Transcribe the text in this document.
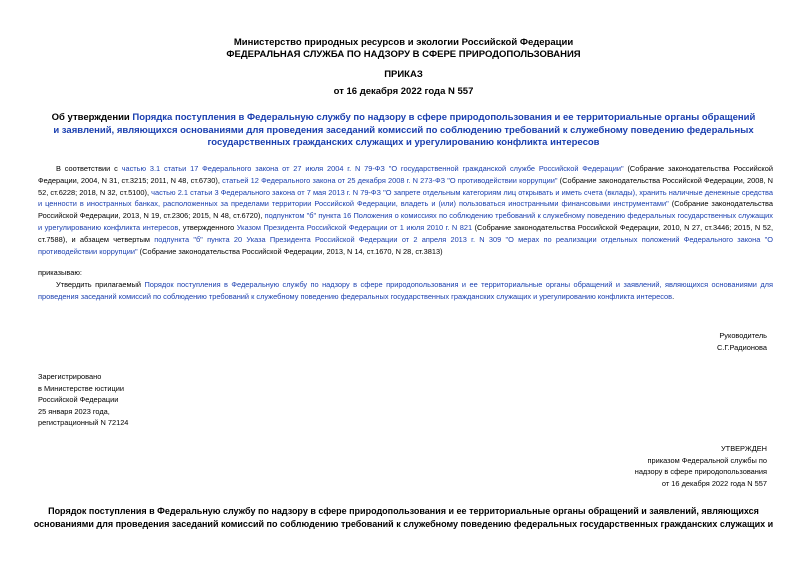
Министерство природных ресурсов и экологии Российской Федерации
ФЕДЕРАЛЬНАЯ СЛУЖБА ПО НАДЗОРУ В СФЕРЕ ПРИРОДОПОЛЬЗОВАНИЯ
ПРИКАЗ
от 16 декабря 2022 года N 557
Об утверждении Порядка поступления в Федеральную службу по надзору в сфере природопользования и ее территориальные органы обращений и заявлений, являющихся основаниями для проведения заседаний комиссий по соблюдению требований к служебному поведению федеральных государственных гражданских служащих и урегулированию конфликта интересов
В соответствии с частью 3.1 статьи 17 Федерального закона от 27 июля 2004 г. N 79-ФЗ "О государственной гражданской службе Российской Федерации" (Собрание законодательства Российской Федерации, 2004, N 31, ст.3215; 2011, N 48, ст.6730), статьей 12 Федерального закона от 25 декабря 2008 г. N 273-ФЗ "О противодействии коррупции" (Собрание законодательства Российской Федерации, 2008, N 52, ст.6228; 2018, N 32, ст.5100), частью 2.1 статьи 3 Федерального закона от 7 мая 2013 г. N 79-ФЗ "О запрете отдельным категориям лиц открывать и иметь счета (вклады), хранить наличные денежные средства и ценности в иностранных банках, расположенных за пределами территории Российской Федерации, владеть и (или) пользоваться иностранными финансовыми инструментами" (Собрание законодательства Российской Федерации, 2013, N 19, ст.2306; 2015, N 48, ст.6720), подпунктом "б" пункта 16 Положения о комиссиях по соблюдению требований к служебному поведению федеральных государственных служащих и урегулированию конфликта интересов, утвержденного Указом Президента Российской Федерации от 1 июля 2010 г. N 821 (Собрание законодательства Российской Федерации, 2010, N 27, ст.3446; 2015, N 52, ст.7588), и абзацем четвертым подпункта "б" пункта 20 Указа Президента Российской Федерации от 2 апреля 2013 г. N 309 "О мерах по реализации отдельных положений Федерального закона "О противодействии коррупции" (Собрание законодательства Российской Федерации, 2013, N 14, ст.1670, N 28, ст.3813)
приказываю:
Утвердить прилагаемый Порядок поступления в Федеральную службу по надзору в сфере природопользования и ее территориальные органы обращений и заявлений, являющихся основаниями для проведения заседаний комиссий по соблюдению требований к служебному поведению федеральных государственных гражданских служащих и урегулированию конфликта интересов.
Руководитель
С.Г.Радионова
Зарегистрировано
в Министерстве юстиции
Российской Федерации
25 января 2023 года,
регистрационный N 72124
УТВЕРЖДЕН
приказом Федеральной службы по
надзору в сфере природопользования
от 16 декабря 2022 года N 557
Порядок поступления в Федеральную службу по надзору в сфере природопользования и ее территориальные органы обращений и заявлений, являющихся
основаниями для проведения заседаний комиссий по соблюдению требований к служебному поведению федеральных государственных гражданских служащих и
